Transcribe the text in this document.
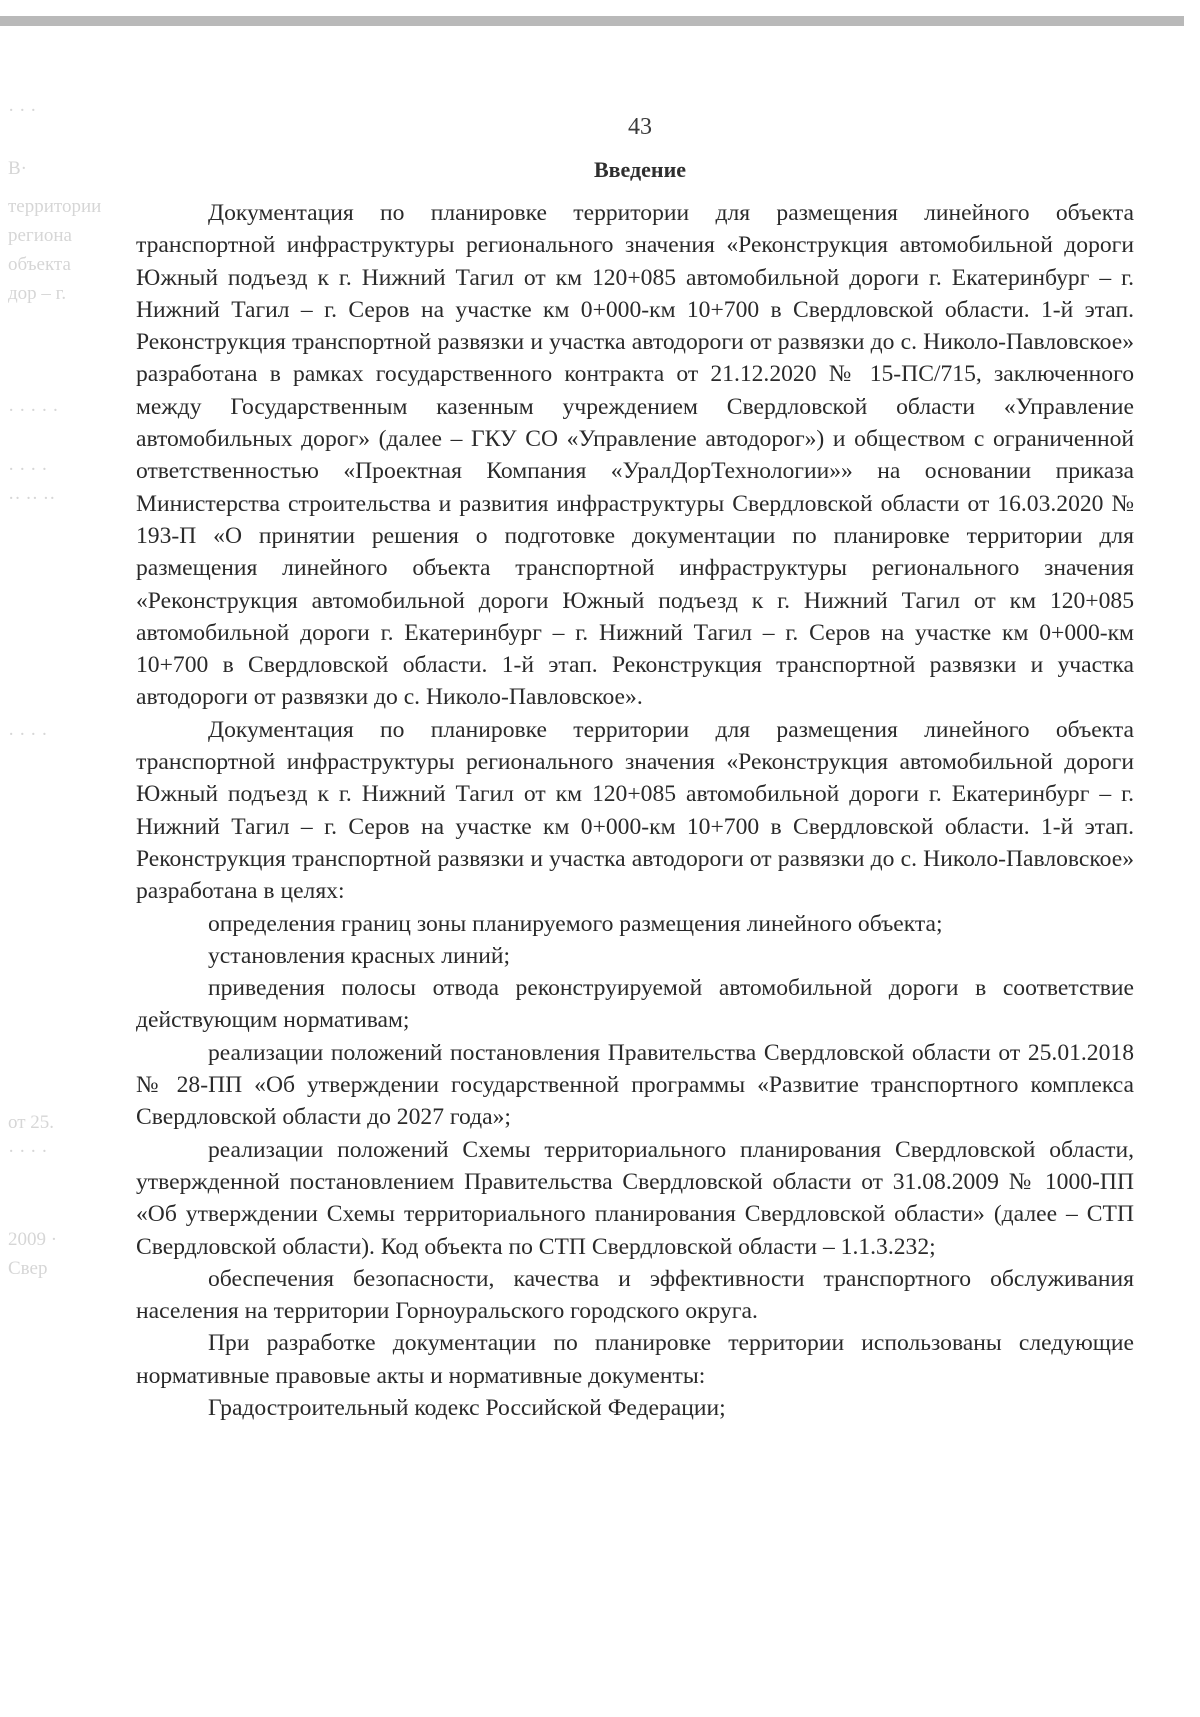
43
Введение
· · ·
В·
территории
региона
объекта
дор – г.
· · · · ·
· · · ·
·· ·· ··
· · · ·
от 25.
· · · ·
2009 ·
Свер

Документация по планировке территории для размещения линейного объекта транспортной инфраструктуры регионального значения «Реконструкция автомобильной дороги Южный подъезд к г. Нижний Тагил от км 120+085 автомобильной дороги г. Екатеринбург – г. Нижний Тагил – г. Серов на участке км 0+000-км 10+700 в Свердловской области. 1-й этап. Реконструкция транспортной развязки и участка автодороги от развязки до с. Николо-Павловское» разработана в рамках государственного контракта от 21.12.2020 № 15-ПС/715, заключенного между Государственным казенным учреждением Свердловской области «Управление автомобильных дорог» (далее – ГКУ СО «Управление автодорог») и обществом с ограниченной ответственностью «Проектная Компания «УралДорТехнологии»» на основании приказа Министерства строительства и развития инфраструктуры Свердловской области от 16.03.2020 № 193-П «О принятии решения о подготовке документации по планировке территории для размещения линейного объекта транспортной инфраструктуры регионального значения «Реконструкция автомобильной дороги Южный подъезд к г. Нижний Тагил от км 120+085 автомобильной дороги г. Екатеринбург – г. Нижний Тагил – г. Серов на участке км 0+000-км 10+700 в Свердловской области. 1-й этап. Реконструкция транспортной развязки и участка автодороги от развязки до с. Николо-Павловское».

Документация по планировке территории для размещения линейного объекта транспортной инфраструктуры регионального значения «Реконструкция автомобильной дороги Южный подъезд к г. Нижний Тагил от км 120+085 автомобильной дороги г. Екатеринбург – г. Нижний Тагил – г. Серов на участке км 0+000-км 10+700 в Свердловской области. 1-й этап. Реконструкция транспортной развязки и участка автодороги от развязки до с. Николо-Павловское» разработана в целях:

определения границ зоны планируемого размещения линейного объекта;

установления красных линий;

приведения полосы отвода реконструируемой автомобильной дороги в соответствие действующим нормативам;

реализации положений постановления Правительства Свердловской области от 25.01.2018 № 28-ПП «Об утверждении государственной программы «Развитие транспортного комплекса Свердловской области до 2027 года»;

реализации положений Схемы территориального планирования Свердловской области, утвержденной постановлением Правительства Свердловской области от 31.08.2009 № 1000-ПП «Об утверждении Схемы территориального планирования Свердловской области» (далее – СТП Свердловской области). Код объекта по СТП Свердловской области – 1.1.3.232;

обеспечения безопасности, качества и эффективности транспортного обслуживания населения на территории Горноуральского городского округа.

При разработке документации по планировке территории использованы следующие нормативные правовые акты и нормативные документы:

Градостроительный кодекс Российской Федерации;
